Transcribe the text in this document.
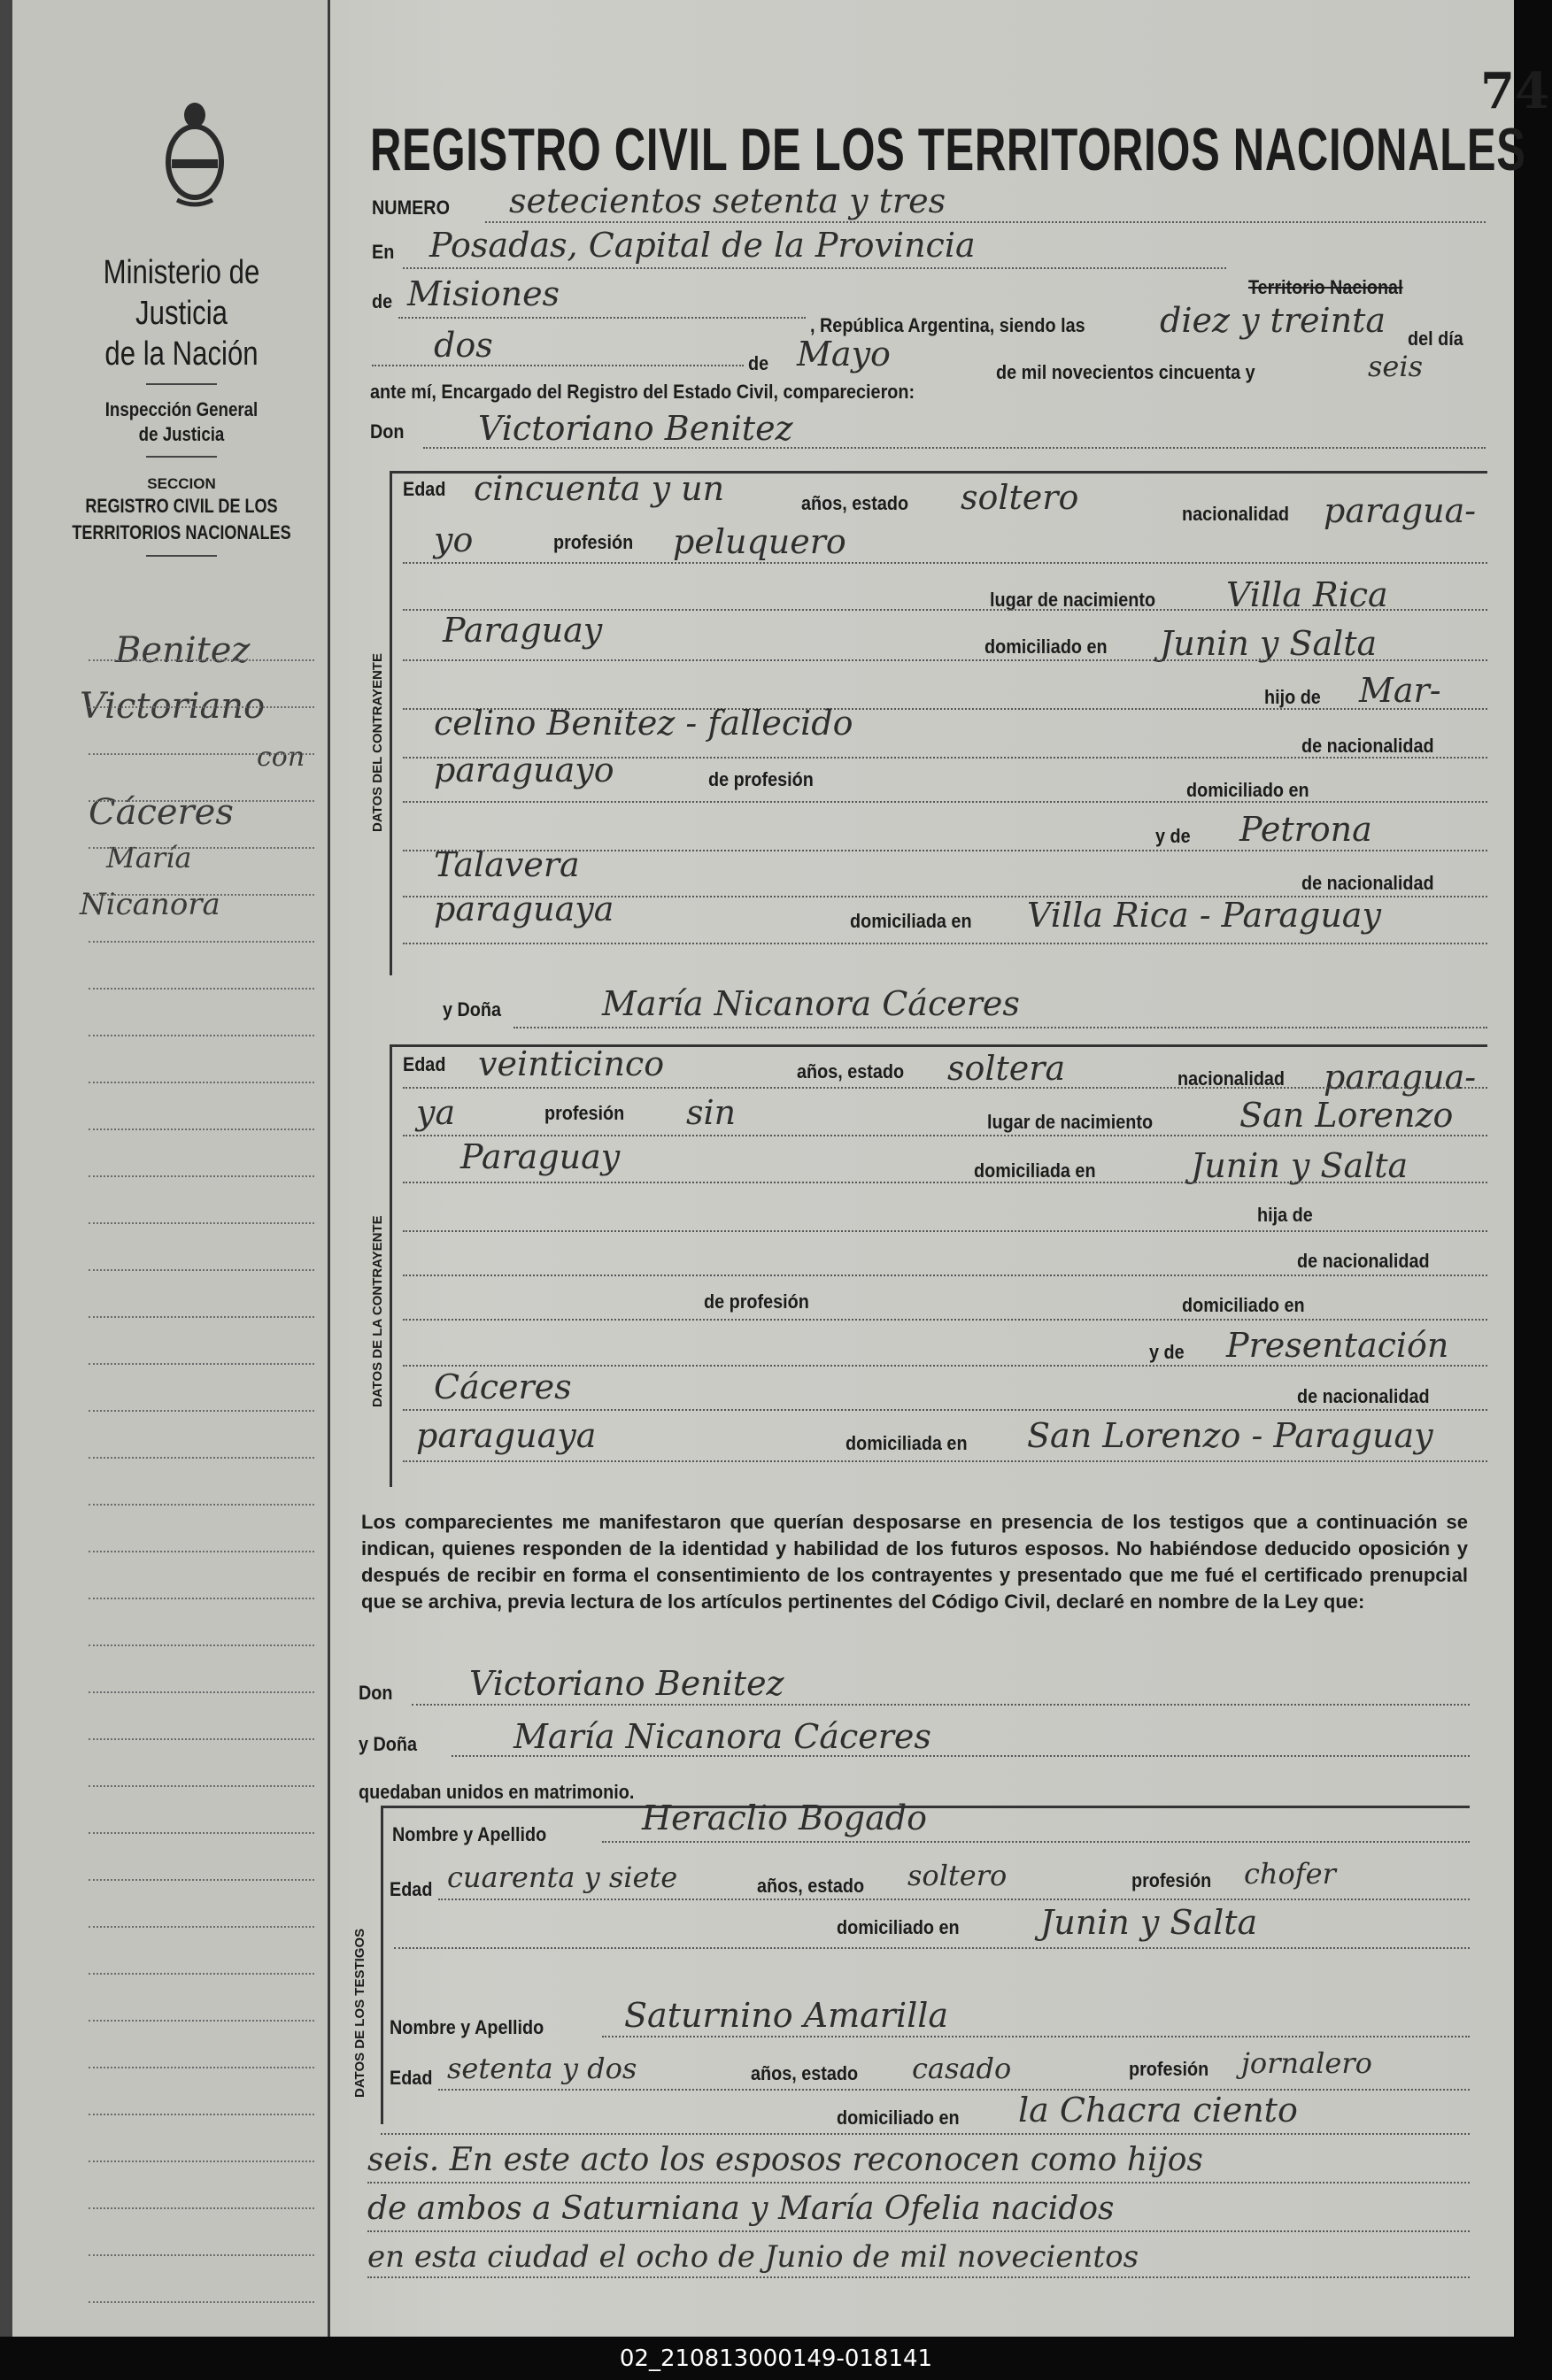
Ministerio de Justicia
de la Nación
Inspección General
de Justicia
SECCION
REGISTRO CIVIL DE LOS
TERRITORIOS NACIONALES
Benitez
Victoriano
con
Cáceres
María
Nicanora
74
REGISTRO CIVIL DE LOS TERRITORIOS NACIONALES
NUMERO setecientos setenta y tres
En Posadas, Capital de la Provincia
Territorio Nacional
de Misiones
, República Argentina, siendo las diez y treinta del día
dos	de Mayo	de mil novecientos cincuenta y	seis
ante mí, Encargado del Registro del Estado Civil, comparecieron:
Don Victoriano Benitez
DATOS DEL CONTRAYENTE
Edad cincuenta y un	años, estado soltero	nacionalidad paragua-
yo	profesión peluquero
lugar de nacimiento Villa Rica
Paraguay	domiciliado en Junin y Salta
hijo de Mar-
celino Benitez - fallecido
de nacionalidad
paraguayo	de profesión	domiciliado en
y de Petrona
Talavera	de nacionalidad
paraguaya	domiciliada en Villa Rica - Paraguay
y Doña	María Nicanora Cáceres
DATOS DE LA CONTRAYENTE
Edad veinticinco	años, estado soltera	nacionalidad paragua-
ya	profesión sin	lugar de nacimiento	San Lorenzo
Paraguay	domiciliada en	Junin y Salta
hija de
de nacionalidad
de profesión	domiciliado en
y de Presentación
Cáceres	de nacionalidad
paraguaya	domiciliada en San Lorenzo - Paraguay
Los comparecientes me manifestaron que querían desposarse en presencia de los testigos que a continuación se indican, quienes responden de la identidad y habilidad de los futuros esposos. No habiéndose deducido oposición y después de recibir en forma el consentimiento de los contrayentes y presentado que me fué el certificado prenupcial que se archiva, previa lectura de los artículos pertinentes del Código Civil, declaré en nombre de la Ley que:
Don Victoriano Benitez
y Doña	María Nicanora Cáceres
quedaban unidos en matrimonio.
DATOS DE LOS TESTIGOS
Nombre y Apellido	Heraclio Bogado
Edad cuarenta y siete	años, estado soltero	profesión chofer
domiciliado en Junin y Salta
Nombre y Apellido Saturnino Amarilla
Edad setenta y dos	años, estado casado	profesión jornalero
domiciliado en la Chacra ciento
seis. En este acto los esposos reconocen como hijos
de ambos a Saturniana y María Ofelia nacidos
en esta ciudad el ocho de Junio de mil novecientos
02_210813000149-018141
